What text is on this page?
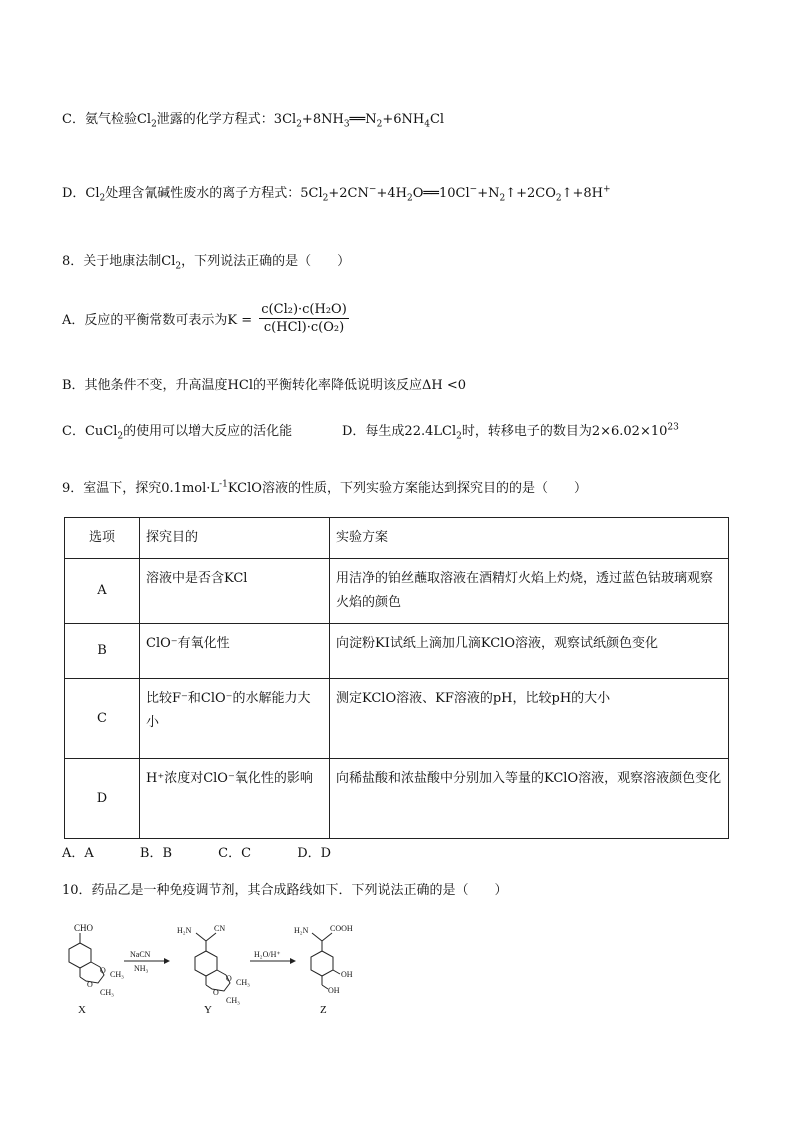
C．氨气检验$Cl_2$泄露的化学方程式：$3Cl_2+8NH_3══N_2+6NH_4Cl$
D．$Cl_2$处理含氰碱性废水的离子方程式：$5Cl_2+2CN^-+4H_2O══10Cl^-+N_2↑+2CO_2↑+8H^+$
8．关于地康法制$Cl_2$，下列说法正确的是（　　）
A．反应的平衡常数可表示为$K = \frac{\text{c(Cl₂)·c(H₂O)}}{\text{c(HCl)·c(O₂)}}$
B．其他条件不变，升高温度HCl的平衡转化率降低说明该反应ΔH <0
C．CuCl$_2$的使用可以增大反应的活化能	D．每生成22.4LCl$_2$时，转移电子的数目为$2\times 6.02\times 10^{23}$
9．室温下，探究$0.1mol\cdot L^{-1}KClO$溶液的性质，下列实验方案能达到探究目的的是（　　）
选项	探究目的	实验方案
A	溶液中是否含KCl	用洁净的铂丝蘸取溶液在酒精灯火焰上灼烧，透过蓝色钴玻璃观察火焰的颜色
B	ClO⁻有氧化性	向淀粉KI试纸上滴加几滴KClO溶液，观察试纸颜色变化
C	比较F⁻和ClO⁻的水解能力大小	测定KClO溶液、KF溶液的pH，比较pH的大小
D	H⁺浓度对ClO⁻氧化性的影响	向稀盐酸和浓盐酸中分别加入等量的KClO溶液，观察溶液颜色变化
A．A	B．B	C．C	D．D
10．药品乙是一种免疫调节剂，其合成路线如下．下列说法正确的是（　　）
CHO
O
O
CH₃
CH₃
X
NaCN
NH₃
H₂N	CN
O
O
CH₃
CH₃
Y
H₂O/H⁺
H₂N	COOH
OH
OH
Z
